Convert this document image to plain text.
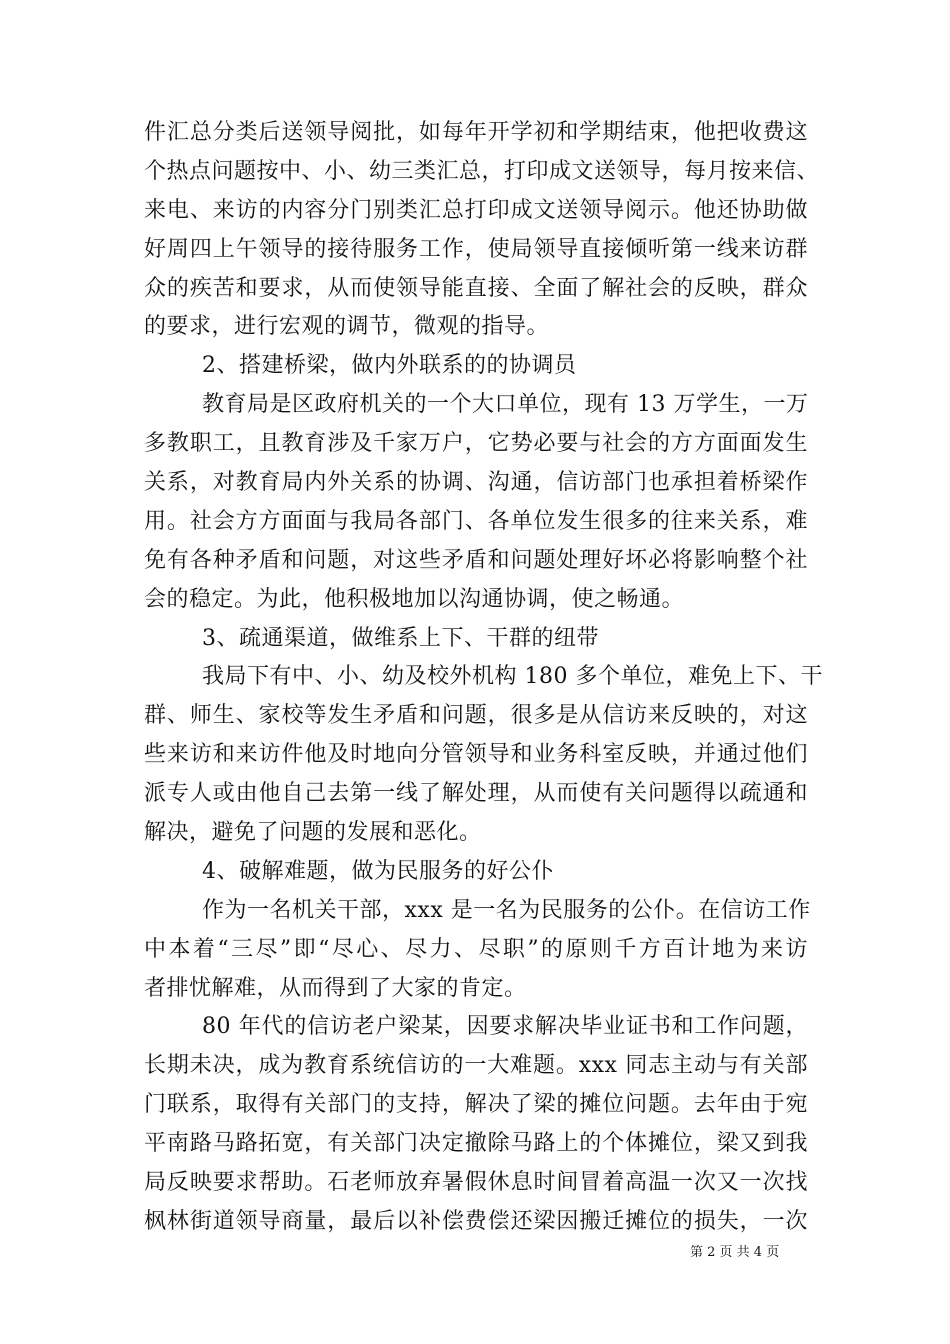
件汇总分类后送领导阅批，如每年开学初和学期结束，他把收费这
个热点问题按中、小、幼三类汇总，打印成文送领导，每月按来信、
来电、来访的内容分门别类汇总打印成文送领导阅示。他还协助做
好周四上午领导的接待服务工作，使局领导直接倾听第一线来访群
众的疾苦和要求，从而使领导能直接、全面了解社会的反映，群众
的要求，进行宏观的调节，微观的指导。
2、搭建桥梁，做内外联系的的协调员
教育局是区政府机关的一个大口单位，现有 13 万学生，一万
多教职工，且教育涉及千家万户，它势必要与社会的方方面面发生
关系，对教育局内外关系的协调、沟通，信访部门也承担着桥梁作
用。社会方方面面与我局各部门、各单位发生很多的往来关系，难
免有各种矛盾和问题，对这些矛盾和问题处理好坏必将影响整个社
会的稳定。为此，他积极地加以沟通协调，使之畅通。
3、疏通渠道，做维系上下、干群的纽带
我局下有中、小、幼及校外机构 180 多个单位，难免上下、干
群、师生、家校等发生矛盾和问题，很多是从信访来反映的，对这
些来访和来访件他及时地向分管领导和业务科室反映，并通过他们
派专人或由他自己去第一线了解处理，从而使有关问题得以疏通和
解决，避免了问题的发展和恶化。
4、破解难题，做为民服务的好公仆
作为一名机关干部，xxx 是一名为民服务的公仆。在信访工作
中本着“三尽”即“尽心、尽力、尽职”的原则千方百计地为来访
者排忧解难，从而得到了大家的肯定。
80 年代的信访老户梁某，因要求解决毕业证书和工作问题，
长期未决，成为教育系统信访的一大难题。xxx 同志主动与有关部
门联系，取得有关部门的支持，解决了梁的摊位问题。去年由于宛
平南路马路拓宽，有关部门决定撤除马路上的个体摊位，梁又到我
局反映要求帮助。石老师放弃暑假休息时间冒着高温一次又一次找
枫林街道领导商量，最后以补偿费偿还梁因搬迁摊位的损失，一次
第 2 页 共 4 页
